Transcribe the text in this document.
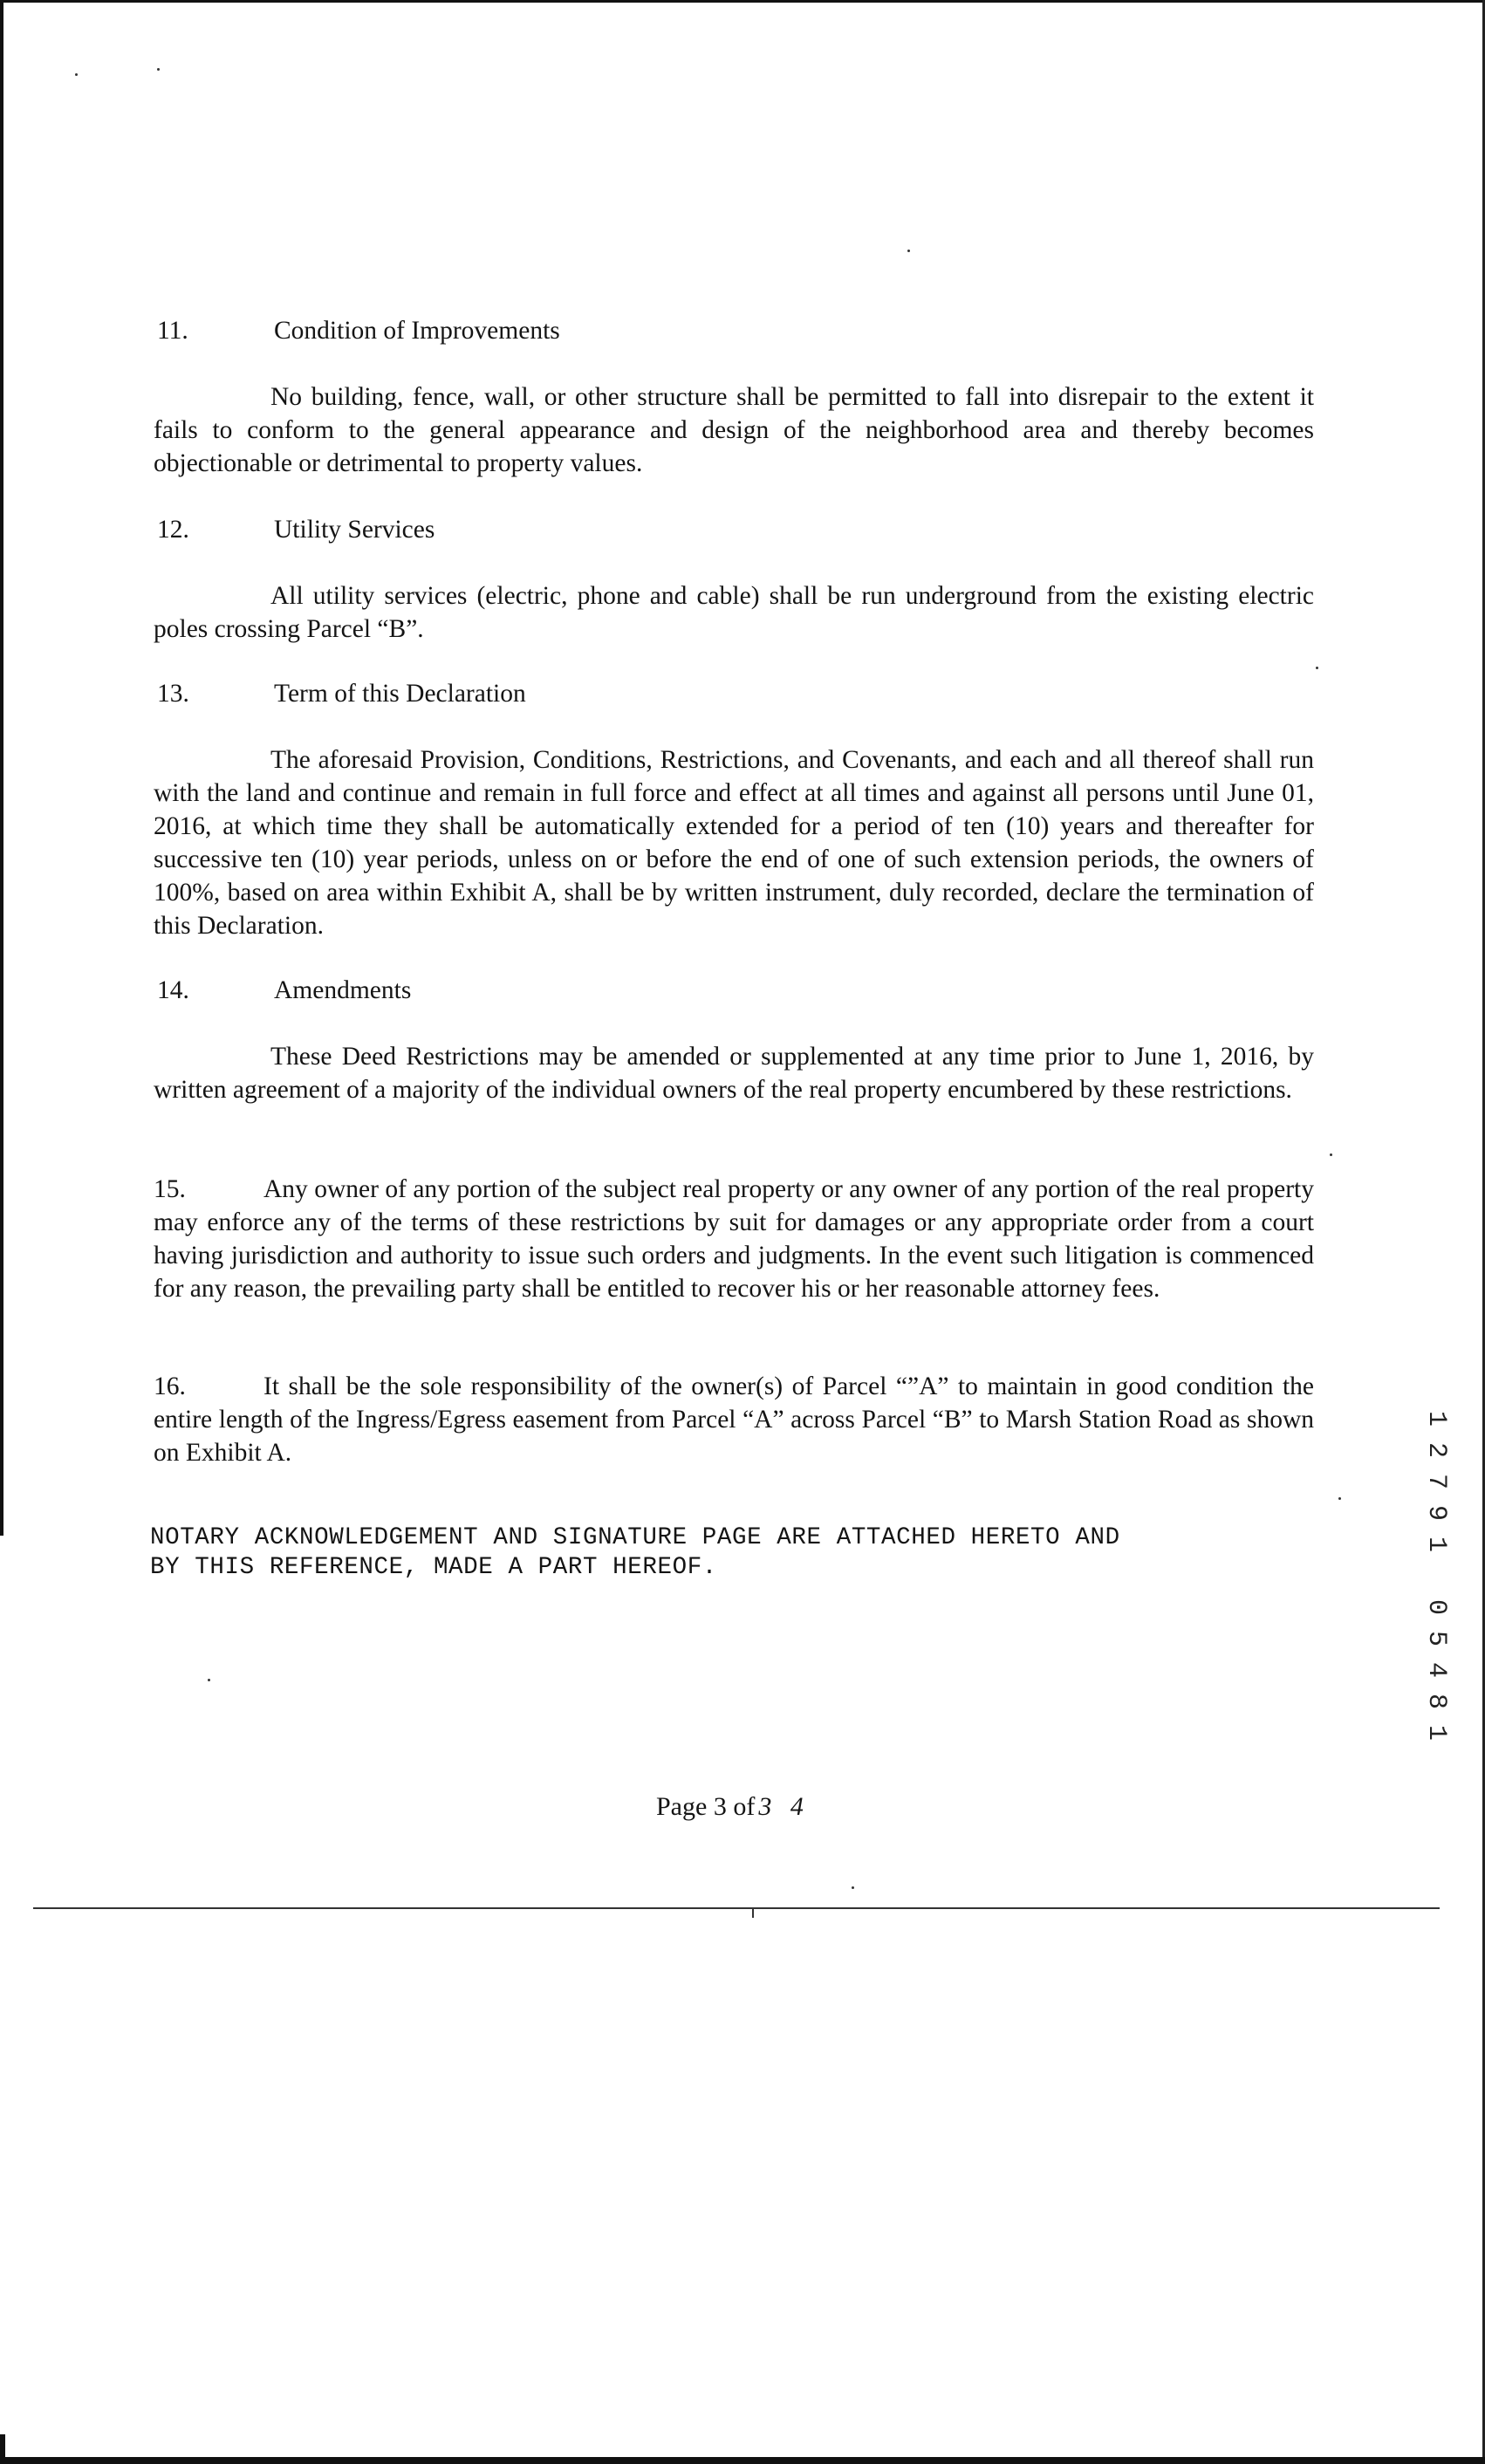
11.	Condition of Improvements
No building, fence, wall, or other structure shall be permitted to fall into disrepair to the extent it fails to conform to the general appearance and design of the neighborhood area and thereby becomes objectionable or detrimental to property values.
12.	Utility Services
All utility services (electric, phone and cable) shall be run underground from the existing electric poles crossing Parcel “B”.
13.	Term of this Declaration
The aforesaid Provision, Conditions, Restrictions, and Covenants, and each and all thereof shall run with the land and continue and remain in full force and effect at all times and against all persons until June 01, 2016, at which time they shall be automatically extended for a period of ten (10) years and thereafter for successive ten (10) year periods, unless on or before the end of one of such extension periods, the owners of 100%, based on area within Exhibit A, shall be by written instrument, duly recorded, declare the termination of this Declaration.
14.	Amendments
These Deed Restrictions may be amended or supplemented at any time prior to June 1, 2016, by written agreement of a majority of the individual owners of the real property encumbered by these restrictions.
15.	Any owner of any portion of the subject real property or any owner of any portion of the real property may enforce any of the terms of these restrictions by suit for damages or any appropriate order from a court having jurisdiction and authority to issue such orders and judgments. In the event such litigation is commenced for any reason, the prevailing party shall be entitled to recover his or her reasonable attorney fees.
16.	It shall be the sole responsibility of the owner(s) of Parcel “”A” to maintain in good condition the entire length of the Ingress/Egress easement from Parcel “A” across Parcel “B” to Marsh Station Road as shown on Exhibit A.
NOTARY ACKNOWLEDGEMENT AND SIGNATURE PAGE ARE ATTACHED HERETO AND
BY THIS REFERENCE, MADE A PART HEREOF.
Page 3 of 3 4
1
2
7
9
1
0
5
4
8
1
